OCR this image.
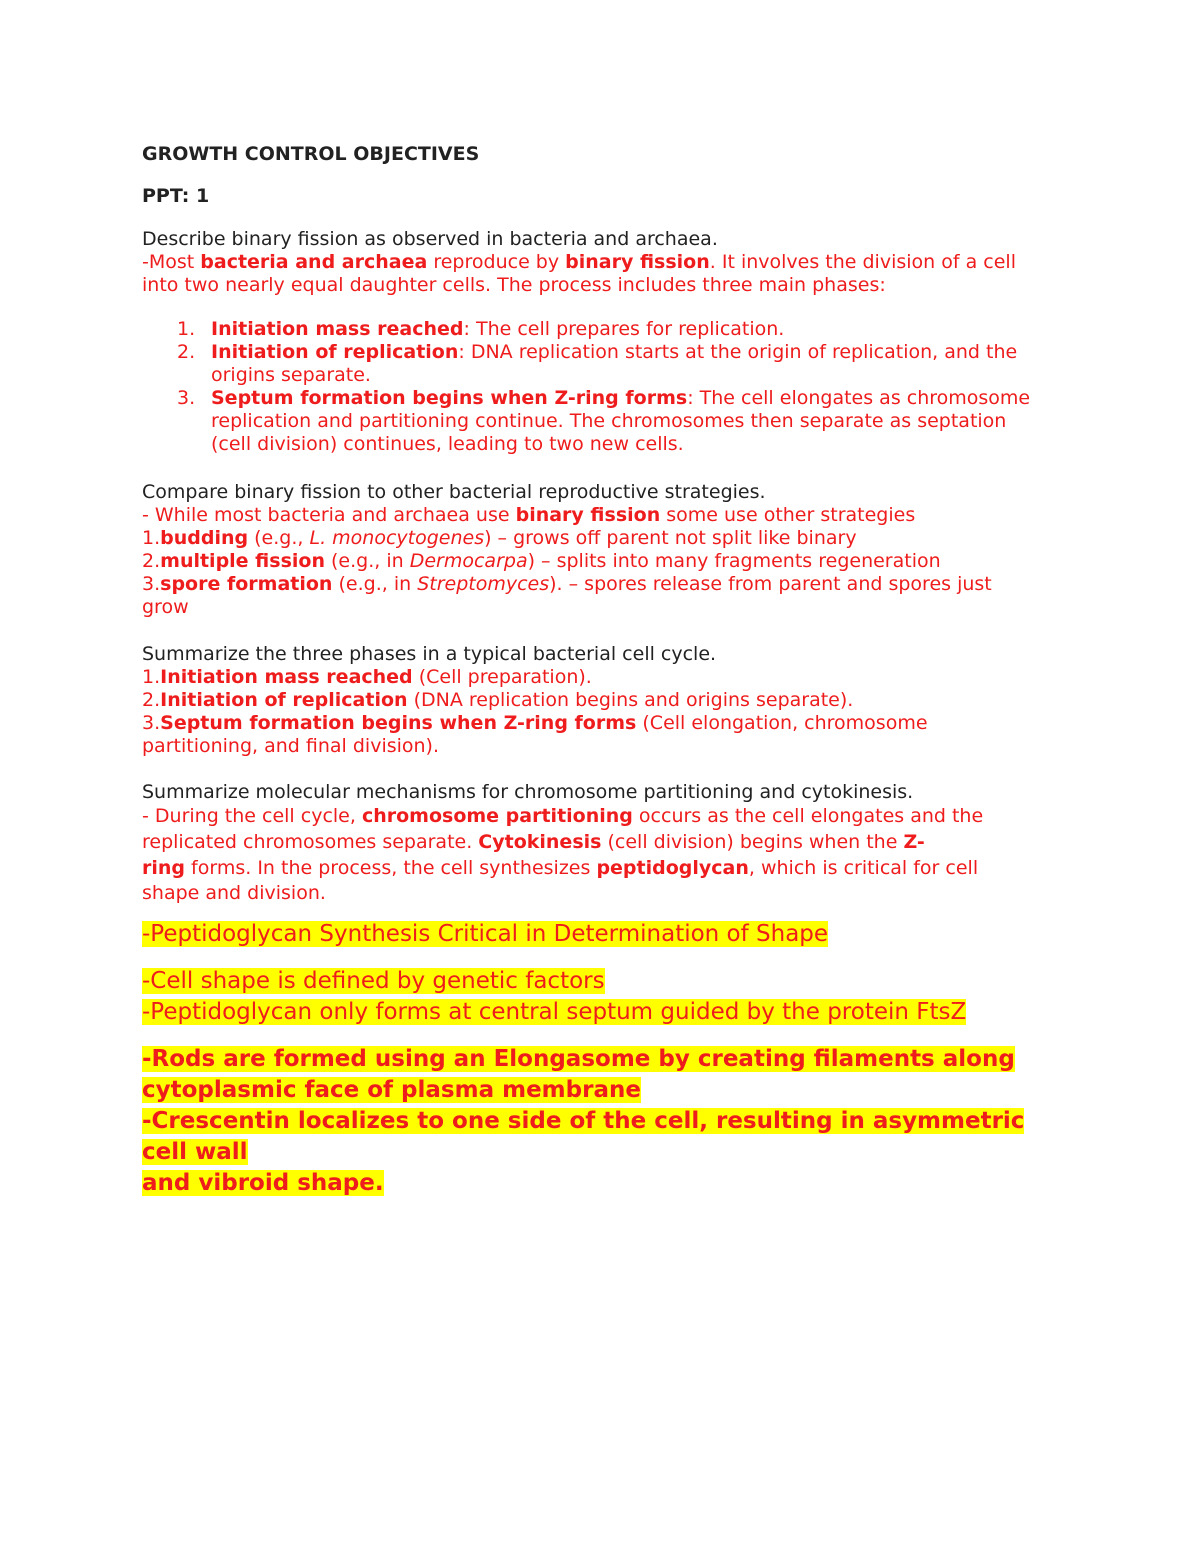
GROWTH CONTROL OBJECTIVES
PPT: 1
Describe binary fission as observed in bacteria and archaea.
-Most bacteria and archaea reproduce by binary fission. It involves the division of a cell
into two nearly equal daughter cells. The process includes three main phases:
1. Initiation mass reached: The cell prepares for replication.
2. Initiation of replication: DNA replication starts at the origin of replication, and the
origins separate.
3. Septum formation begins when Z-ring forms: The cell elongates as chromosome
replication and partitioning continue. The chromosomes then separate as septation
(cell division) continues, leading to two new cells.
Compare binary fission to other bacterial reproductive strategies.
- While most bacteria and archaea use binary fission some use other strategies
1.budding (e.g., L. monocytogenes) – grows off parent not split like binary
2.multiple fission (e.g., in Dermocarpa) – splits into many fragments regeneration
3.spore formation (e.g., in Streptomyces). – spores release from parent and spores just
grow
Summarize the three phases in a typical bacterial cell cycle.
1.Initiation mass reached (Cell preparation).
2.Initiation of replication (DNA replication begins and origins separate).
3.Septum formation begins when Z-ring forms (Cell elongation, chromosome
partitioning, and final division).
Summarize molecular mechanisms for chromosome partitioning and cytokinesis.
- During the cell cycle, chromosome partitioning occurs as the cell elongates and the
replicated chromosomes separate. Cytokinesis (cell division) begins when the Z-
ring forms. In the process, the cell synthesizes peptidoglycan, which is critical for cell
shape and division.
-Peptidoglycan Synthesis Critical in Determination of Shape
-Cell shape is defined by genetic factors
-Peptidoglycan only forms at central septum guided by the protein FtsZ
-Rods are formed using an Elongasome by creating filaments along
cytoplasmic face of plasma membrane
-Crescentin localizes to one side of the cell, resulting in asymmetric cell wall
and vibroid shape.
